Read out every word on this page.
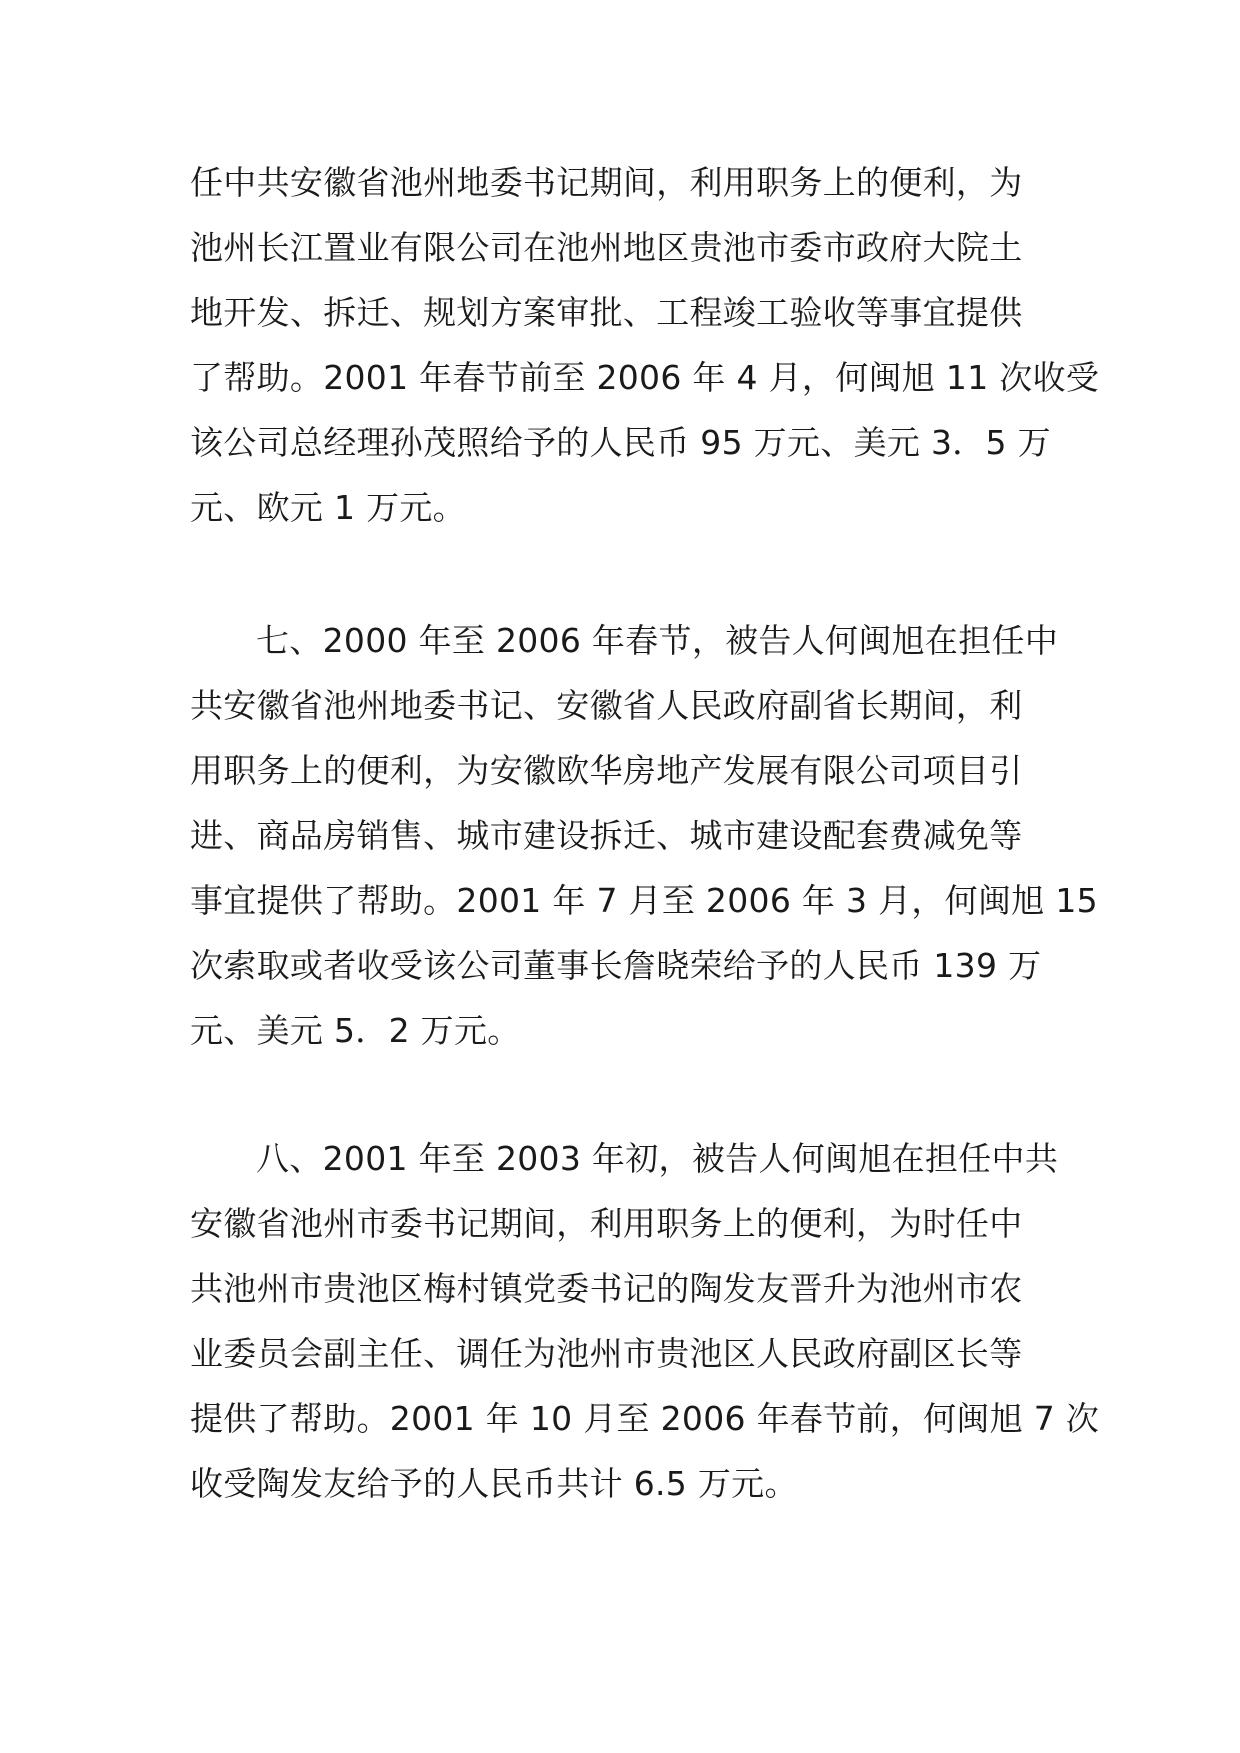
任中共安徽省池州地委书记期间，利用职务上的便利，为
池州长江置业有限公司在池州地区贵池市委市政府大院土
地开发、拆迁、规划方案审批、工程竣工验收等事宜提供
了帮助。2001 年春节前至 2006 年 4 月，何闽旭 11 次收受
该公司总经理孙茂照给予的人民币 95 万元、美元 3．5 万
元、欧元 1 万元。
七、2000 年至 2006 年春节，被告人何闽旭在担任中
共安徽省池州地委书记、安徽省人民政府副省长期间，利
用职务上的便利，为安徽欧华房地产发展有限公司项目引
进、商品房销售、城市建设拆迁、城市建设配套费减免等
事宜提供了帮助。2001 年 7 月至 2006 年 3 月，何闽旭 15
次索取或者收受该公司董事长詹晓荣给予的人民币 139 万
元、美元 5．2 万元。
八、2001 年至 2003 年初，被告人何闽旭在担任中共
安徽省池州市委书记期间，利用职务上的便利，为时任中
共池州市贵池区梅村镇党委书记的陶发友晋升为池州市农
业委员会副主任、调任为池州市贵池区人民政府副区长等
提供了帮助。2001 年 10 月至 2006 年春节前，何闽旭 7 次
收受陶发友给予的人民币共计 6.5 万元。
